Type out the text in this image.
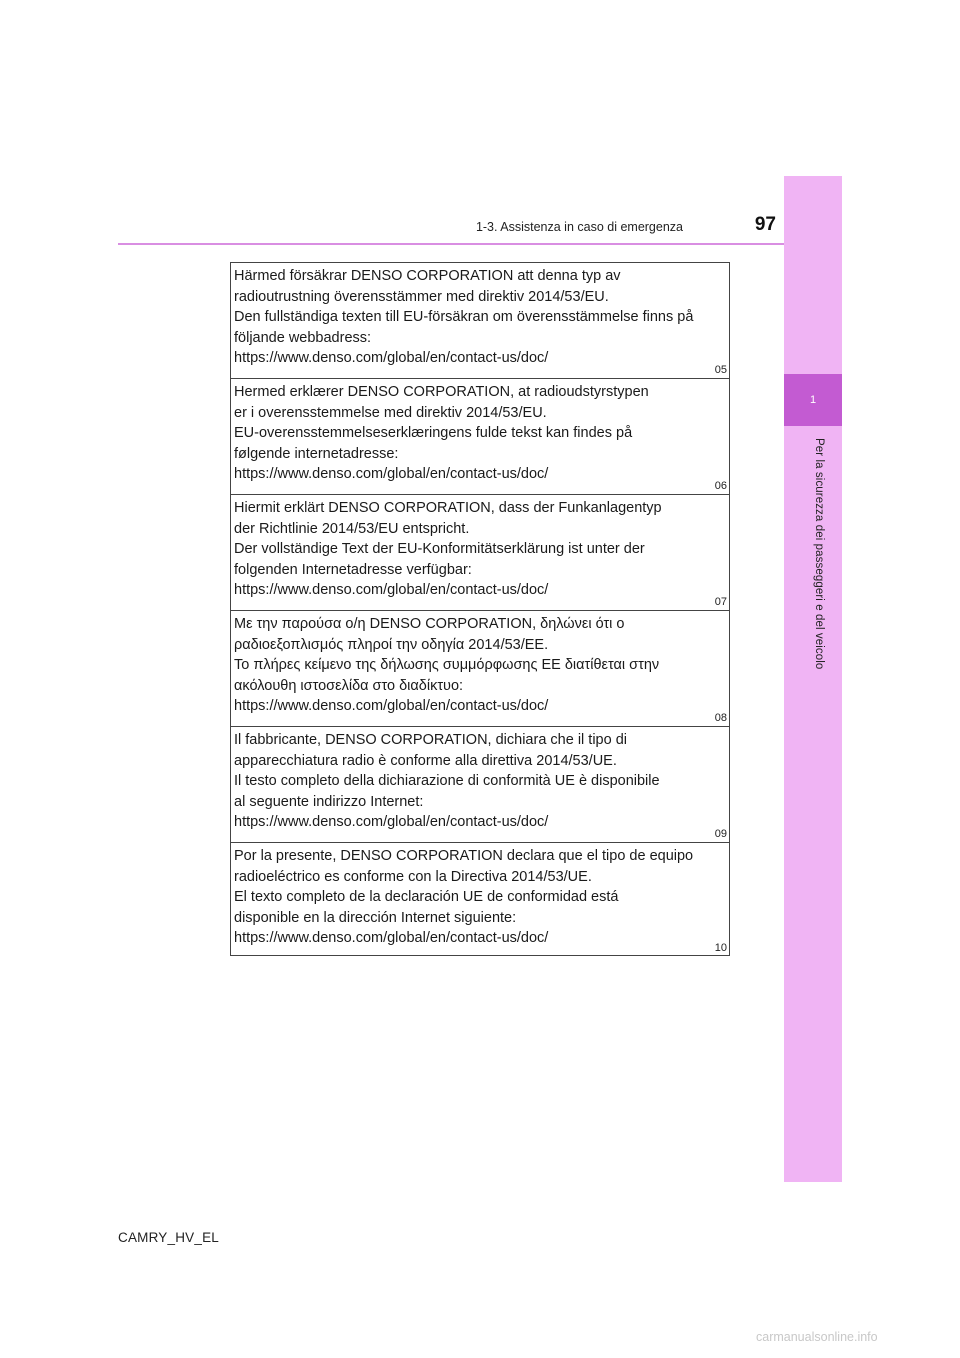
1
Per la sicurezza dei passeggeri e del veicolo
1-3. Assistenza in caso di emergenza	97
Härmed försäkrar DENSO CORPORATION att denna typ av
radioutrustning överensstämmer med direktiv 2014/53/EU.
Den fullständiga texten till EU-försäkran om överensstämmelse finns på
följande webbadress:
https://www.denso.com/global/en/contact-us/doc/
05
Hermed erklærer DENSO CORPORATION, at radioudstyrstypen
er i overensstemmelse med direktiv 2014/53/EU.
EU-overensstemmelseserklæringens fulde tekst kan findes på
følgende internetadresse:
https://www.denso.com/global/en/contact-us/doc/
06
Hiermit erklärt DENSO CORPORATION, dass der Funkanlagentyp
der Richtlinie 2014/53/EU entspricht.
Der vollständige Text der EU-Konformitätserklärung ist unter der
folgenden Internetadresse verfügbar:
https://www.denso.com/global/en/contact-us/doc/
07
Με την παρούσα ο/η DENSO CORPORATION, δηλώνει ότι ο
ραδιοεξοπλισμός πληροί την οδηγία 2014/53/ΕΕ.
Το πλήρες κείμενο της δήλωσης συμμόρφωσης ΕΕ διατίθεται στην
ακόλουθη ιστοσελίδα στο διαδίκτυο:
https://www.denso.com/global/en/contact-us/doc/
08
Il fabbricante, DENSO CORPORATION, dichiara che il tipo di
apparecchiatura radio è conforme alla direttiva 2014/53/UE.
Il testo completo della dichiarazione di conformità UE è disponibile
al seguente indirizzo Internet:
https://www.denso.com/global/en/contact-us/doc/
09
Por la presente, DENSO CORPORATION declara que el tipo de equipo
radioeléctrico es conforme con la Directiva 2014/53/UE.
El texto completo de la declaración UE de conformidad está
disponible en la dirección Internet siguiente:
https://www.denso.com/global/en/contact-us/doc/
10
CAMRY_HV_EL
carmanualsonline.info
